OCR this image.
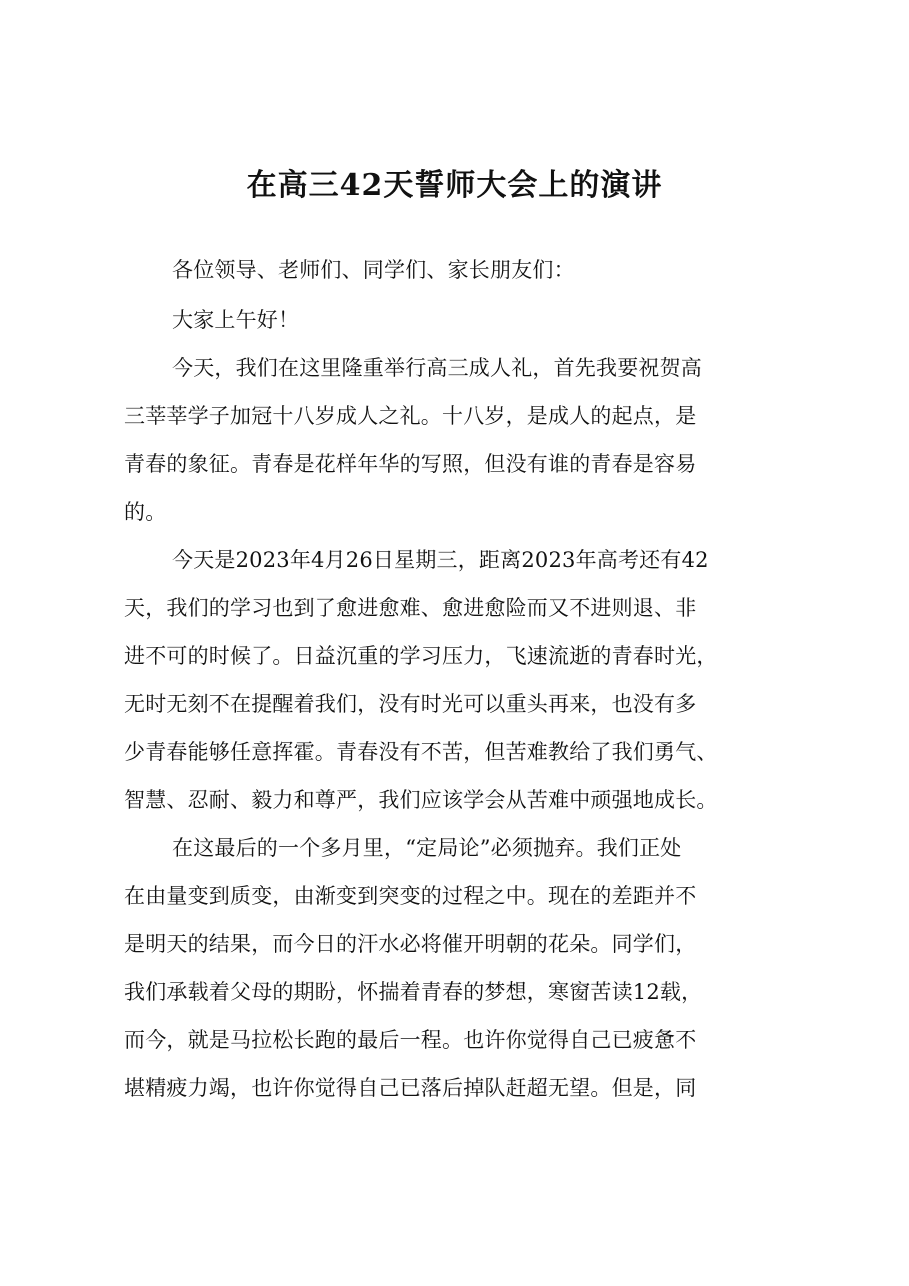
在高三42天誓师大会上的演讲
各位领导、老师们、同学们、家长朋友们：
大家上午好！
今天，我们在这里隆重举行高三成人礼，首先我要祝贺高
三莘莘学子加冠十八岁成人之礼。十八岁，是成人的起点，是
青春的象征。青春是花样年华的写照，但没有谁的青春是容易
的。
今天是2023年4月26日星期三，距离2023年高考还有42
天，我们的学习也到了愈进愈难、愈进愈险而又不进则退、非
进不可的时候了。日益沉重的学习压力，飞速流逝的青春时光，
无时无刻不在提醒着我们，没有时光可以重头再来，也没有多
少青春能够任意挥霍。青春没有不苦，但苦难教给了我们勇气、
智慧、忍耐、毅力和尊严，我们应该学会从苦难中顽强地成长。
在这最后的一个多月里，“定局论”必须抛弃。我们正处
在由量变到质变，由渐变到突变的过程之中。现在的差距并不
是明天的结果，而今日的汗水必将催开明朝的花朵。同学们，
我们承载着父母的期盼，怀揣着青春的梦想，寒窗苦读12载，
而今，就是马拉松长跑的最后一程。也许你觉得自己已疲惫不
堪精疲力竭，也许你觉得自己已落后掉队赶超无望。但是，同
